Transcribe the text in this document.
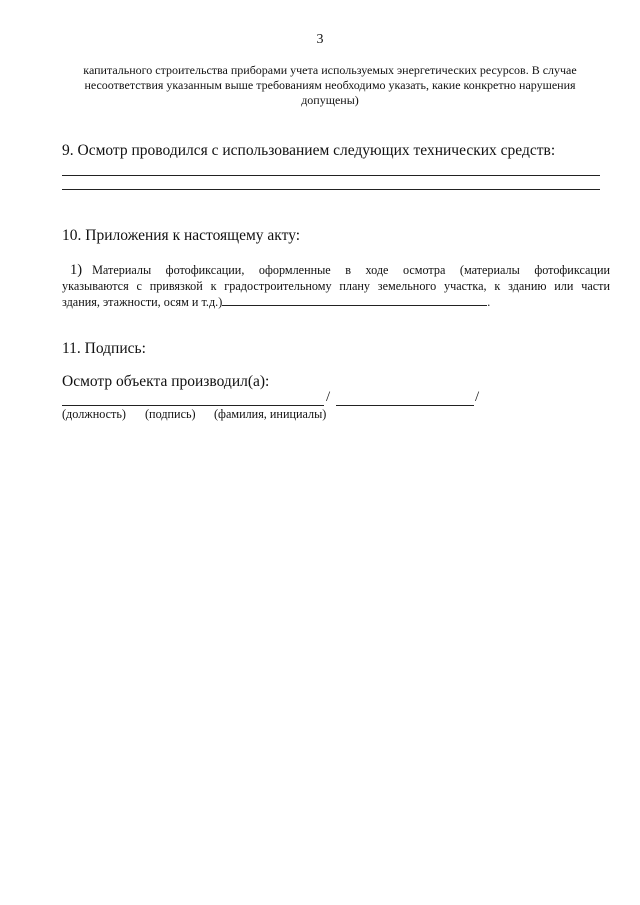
3
капитального строительства приборами учета используемых энергетических ресурсов. В случае
несоответствия указанным выше требованиям необходимо указать, какие конкретно нарушения
допущены)
9. Осмотр проводился с использованием следующих технических средств:
10. Приложения к настоящему акту:
1) Материалы фотофиксации, оформленные в ходе осмотра (материалы фотофиксации
указываются с привязкой к градостроительному плану земельного участка, к зданию или части
здания, этажности, осям и т.д.)	.
11. Подпись:
Осмотр объекта производил(а):
/	/
(должность) (подпись) (фамилия, инициалы)
